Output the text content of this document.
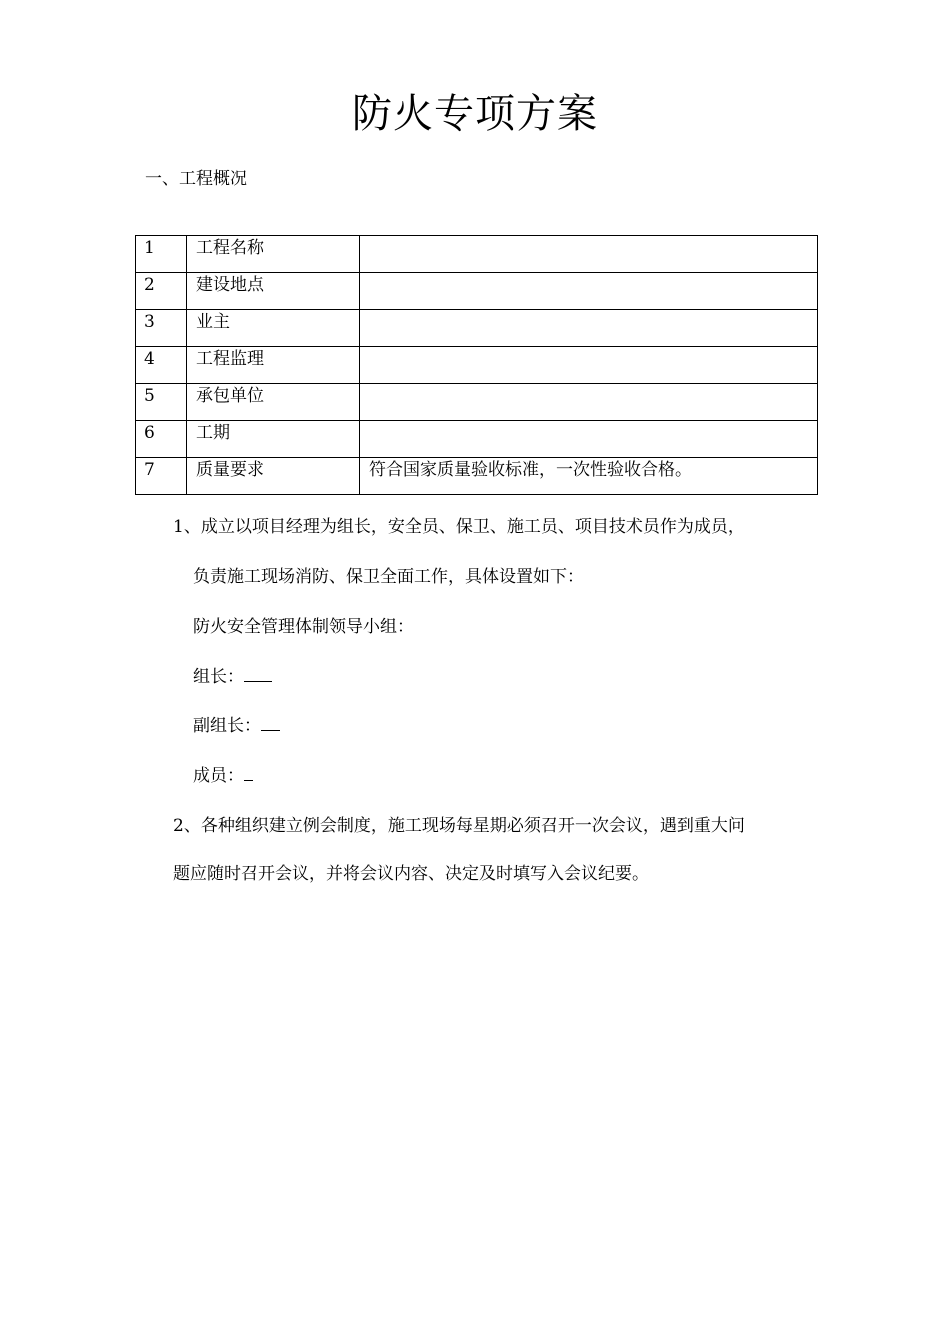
防火专项方案
一、工程概况
1	工程名称	
2	建设地点	
3	业主	
4	工程监理	
5	承包单位	
6	工期	
7	质量要求	符合国家质量验收标准，一次性验收合格。
1、成立以项目经理为组长，安全员、保卫、施工员、项目技术员作为成员，
负责施工现场消防、保卫全面工作，具体设置如下：
防火安全管理体制领导小组：
组长：
副组长：
成员：
2、各种组织建立例会制度，施工现场每星期必须召开一次会议，遇到重大问
题应随时召开会议，并将会议内容、决定及时填写入会议纪要。
